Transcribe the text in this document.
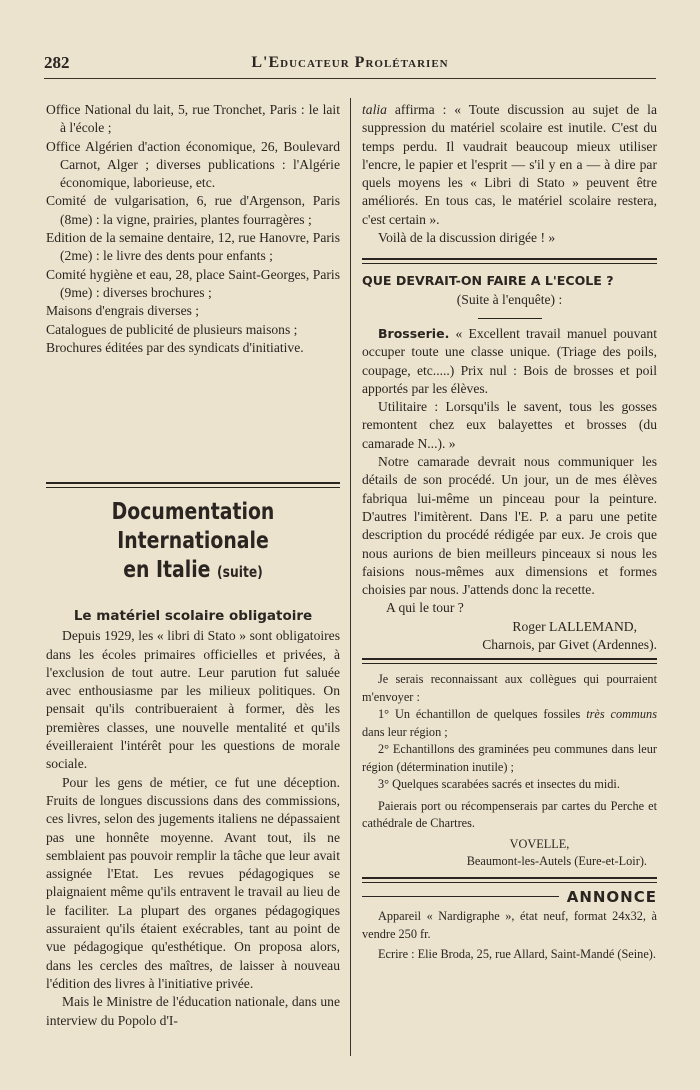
282	L'Educateur Prolétarien

Office National du lait, 5, rue Tronchet, Paris : le lait à l'école ;

Office Algérien d'action économique, 26, Boulevard Carnot, Alger ; diverses publications : l'Algérie économique, laborieuse, etc.

Comité de vulgarisation, 6, rue d'Argenson, Paris (8me) : la vigne, prairies, plantes fourragères ;

Edition de la semaine dentaire, 12, rue Hanovre, Paris (2me) : le livre des dents pour enfants ;

Comité hygiène et eau, 28, place Saint-Georges, Paris (9me) : diverses brochures ;

Maisons d'engrais diverses ;

Catalogues de publicité de plusieurs maisons ;

Brochures éditées par des syndicats d'initiative.

Documentation Internationale

en Italie (suite)

Le matériel scolaire obligatoire

Depuis 1929, les « libri di Stato » sont obligatoires dans les écoles primaires officielles et privées, à l'exclusion de tout autre. Leur parution fut saluée avec enthousiasme par les milieux politiques. On pensait qu'ils contribueraient à former, dès les premières classes, une nouvelle mentalité et qu'ils éveilleraient l'intérêt pour les questions de morale sociale.

Pour les gens de métier, ce fut une déception. Fruits de longues discussions dans des commissions, ces livres, selon des jugements italiens ne dépassaient pas une honnête moyenne. Avant tout, ils ne semblaient pas pouvoir remplir la tâche que leur avait assignée l'Etat. Les revues pédagogiques se plaignaient même qu'ils entravent le travail au lieu de le faciliter. La plupart des organes pédagogiques assuraient qu'ils étaient exécrables, tant au point de vue pédagogique qu'esthétique. On proposa alors, dans les cercles des maîtres, de laisser à nouveau l'édition des livres à l'initiative privée.

Mais le Ministre de l'éducation nationale, dans une interview du Popolo d'I-

talia affirma : « Toute discussion au sujet de la suppression du matériel scolaire est inutile. C'est du temps perdu. Il vaudrait beaucoup mieux utiliser l'encre, le papier et l'esprit — s'il y en a — à dire par quels moyens les « Libri di Stato » peuvent être améliorés. En tous cas, le matériel scolaire restera, c'est certain ».

Voilà de la discussion dirigée ! »

QUE DEVRAIT-ON FAIRE A L'ECOLE ?

(Suite à l'enquête) :

Brosserie. « Excellent travail manuel pouvant occuper toute une classe unique. (Triage des poils, coupage, etc.....) Prix nul : Bois de brosses et poil apportés par les élèves.

Utilitaire : Lorsqu'ils le savent, tous les gosses remontent chez eux balayettes et brosses (du camarade N...). »

Notre camarade devrait nous communiquer les détails de son procédé. Un jour, un de mes élèves fabriqua lui-même un pinceau pour la peinture. D'autres l'imitèrent. Dans l'E. P. a paru une petite description du procédé rédigée par eux. Je crois que nous aurions de bien meilleurs pinceaux si nous les faisions nous-mêmes aux dimensions et formes choisies par nous. J'attends donc la recette.

A qui le tour ?

Roger LALLEMAND,

Charnois, par Givet (Ardennes).

Je serais reconnaissant aux collègues qui pourraient m'envoyer :

1° Un échantillon de quelques fossiles très communs dans leur région ;

2° Echantillons des graminées peu communes dans leur région (détermination inutile) ;

3° Quelques scarabées sacrés et insectes du midi.

Paierais port ou récompenserais par cartes du Perche et cathédrale de Chartres.

VOVELLE,

Beaumont-les-Autels (Eure-et-Loir).

ANNONCE

Appareil « Nardigraphe », état neuf, format 24x32, à vendre 250 fr.

Ecrire : Elie Broda, 25, rue Allard, Saint-Mandé (Seine).
